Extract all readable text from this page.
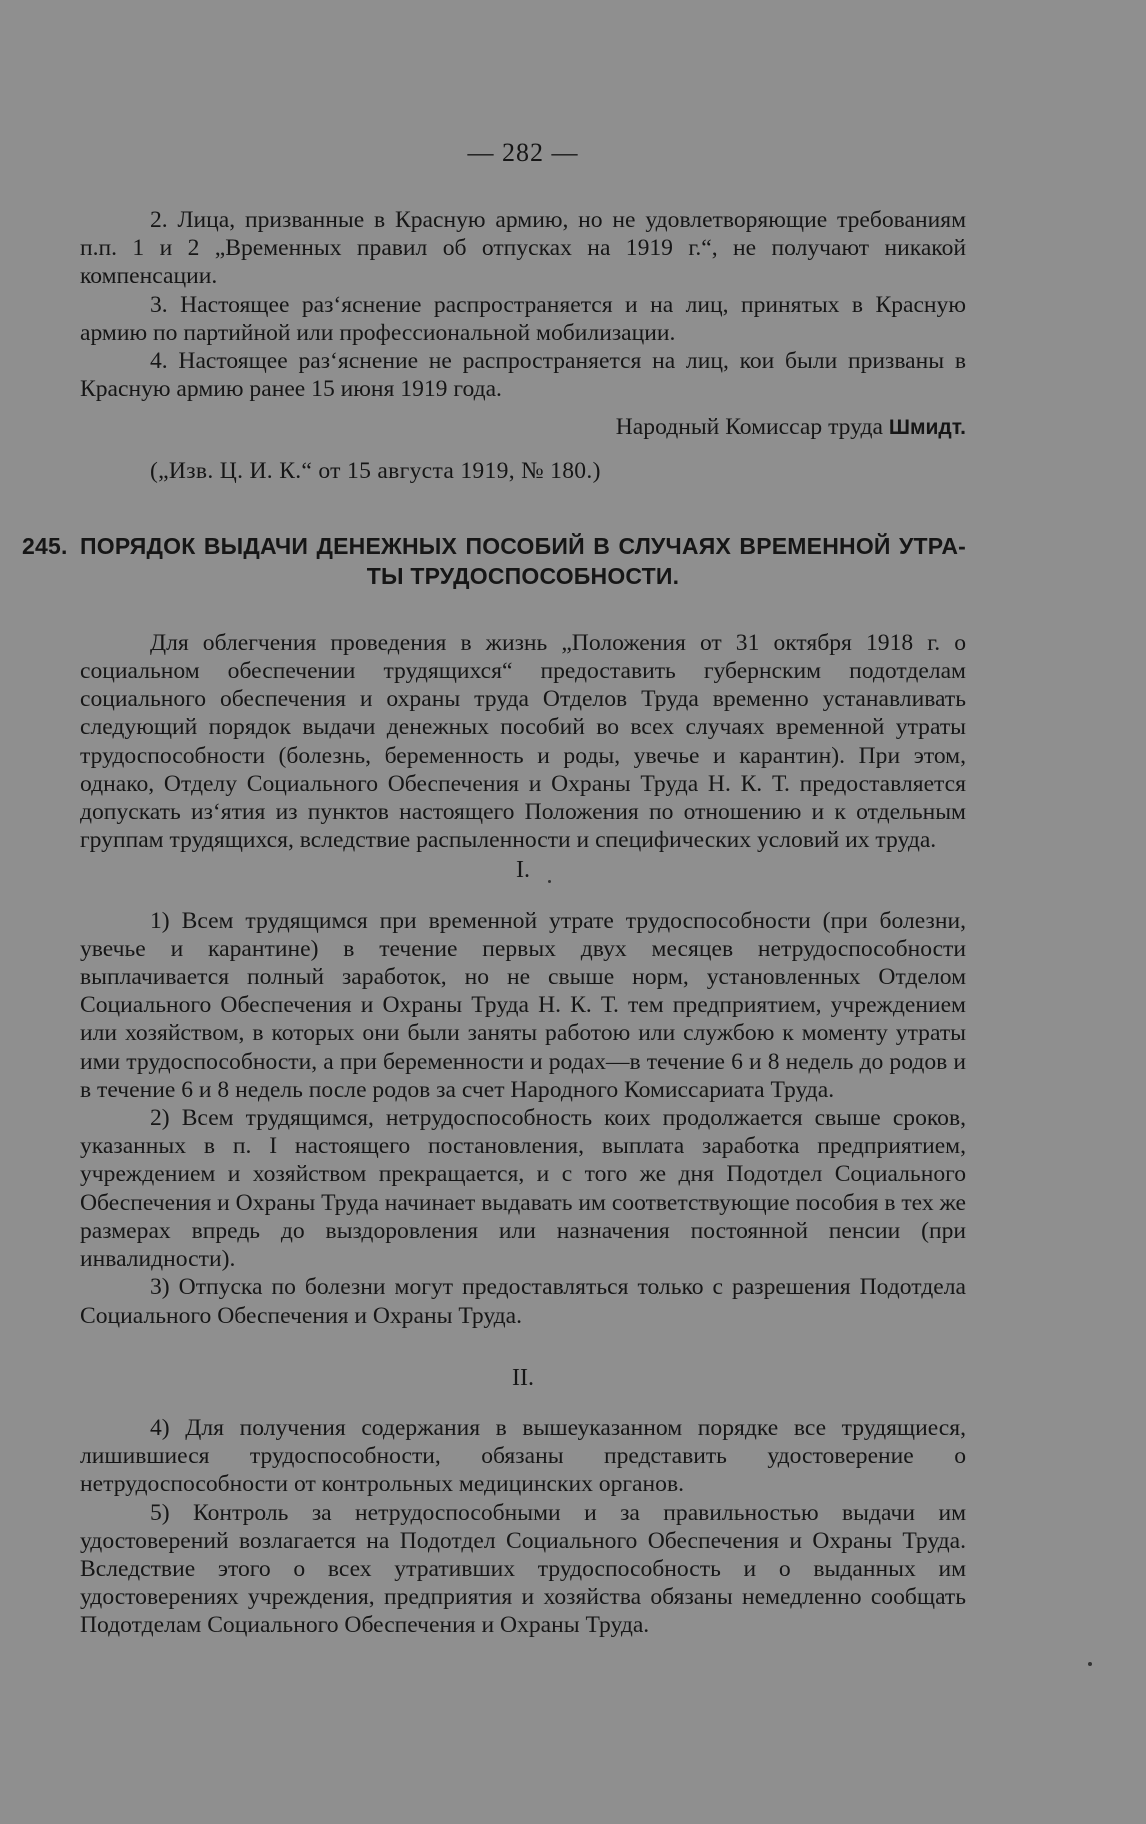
— 282 —

2. Лица, призванные в Красную армию, но не удовлетворяющие требованиям п.п. 1 и 2 „Временных правил об отпусках на 1919 г.“, не получают никакой компенсации.

3. Настоящее раз‘яснение распространяется и на лиц, принятых в Красную армию по партийной или профессиональной мобилизации.

4. Настоящее раз‘яснение не распространяется на лиц, кои были призваны в Красную армию ранее 15 июня 1919 года.

Народный Комиссар труда Шмидт.

(„Изв. Ц. И. К.“ от 15 августа 1919, № 180.)

245. ПОРЯДОК ВЫДАЧИ ДЕНЕЖНЫХ ПОСОБИЙ В СЛУЧАЯХ ВРЕМЕННОЙ УТРА-
ТЫ ТРУДОСПОСОБНОСТИ.

Для облегчения проведения в жизнь „Положения от 31 октября 1918 г. о социальном обеспечении трудящихся“ предоставить губернским подотделам социального обеспечения и охраны труда Отделов Труда временно устанавливать следующий порядок выдачи денежных пособий во всех случаях временной утраты трудоспособности (болезнь, беременность и роды, увечье и карантин). При этом, однако, Отделу Социального Обеспечения и Охраны Труда Н. К. Т. предоставляется допускать из‘ятия из пунктов настоящего Положения по отношению и к отдельным группам трудящихся, вследствие распыленности и специфических условий их труда.

I.

1) Всем трудящимся при временной утрате трудоспособности (при болезни, увечье и карантине) в течение первых двух месяцев нетрудоспособности выплачивается полный заработок, но не свыше норм, установленных Отделом Социального Обеспечения и Охраны Труда Н. К. Т. тем предприятием, учреждением или хозяйством, в которых они были заняты работою или службою к моменту утраты ими трудоспособности, а при беременности и родах—в течение 6 и 8 недель до родов и в течение 6 и 8 недель после родов за счет Народного Комиссариата Труда.

2) Всем трудящимся, нетрудоспособность коих продолжается свыше сроков, указанных в п. I настоящего постановления, выплата заработка предприятием, учреждением и хозяйством прекращается, и с того же дня Подотдел Социального Обеспечения и Охраны Труда начинает выдавать им соответствующие пособия в тех же размерах впредь до выздоровления или назначения постоянной пенсии (при инвалидности).

3) Отпуска по болезни могут предоставляться только с разрешения Подотдела Социального Обеспечения и Охраны Труда.

II.

4) Для получения содержания в вышеуказанном порядке все трудящиеся, лишившиеся трудоспособности, обязаны представить удостоверение о нетрудоспособности от контрольных медицинских органов.

5) Контроль за нетрудоспособными и за правильностью выдачи им удостоверений возлагается на Подотдел Социального Обеспечения и Охраны Труда. Вследствие этого о всех утративших трудоспособность и о выданных им удостоверениях учреждения, предприятия и хозяйства обязаны немедленно сообщать Подотделам Социального Обеспечения и Охраны Труда.
